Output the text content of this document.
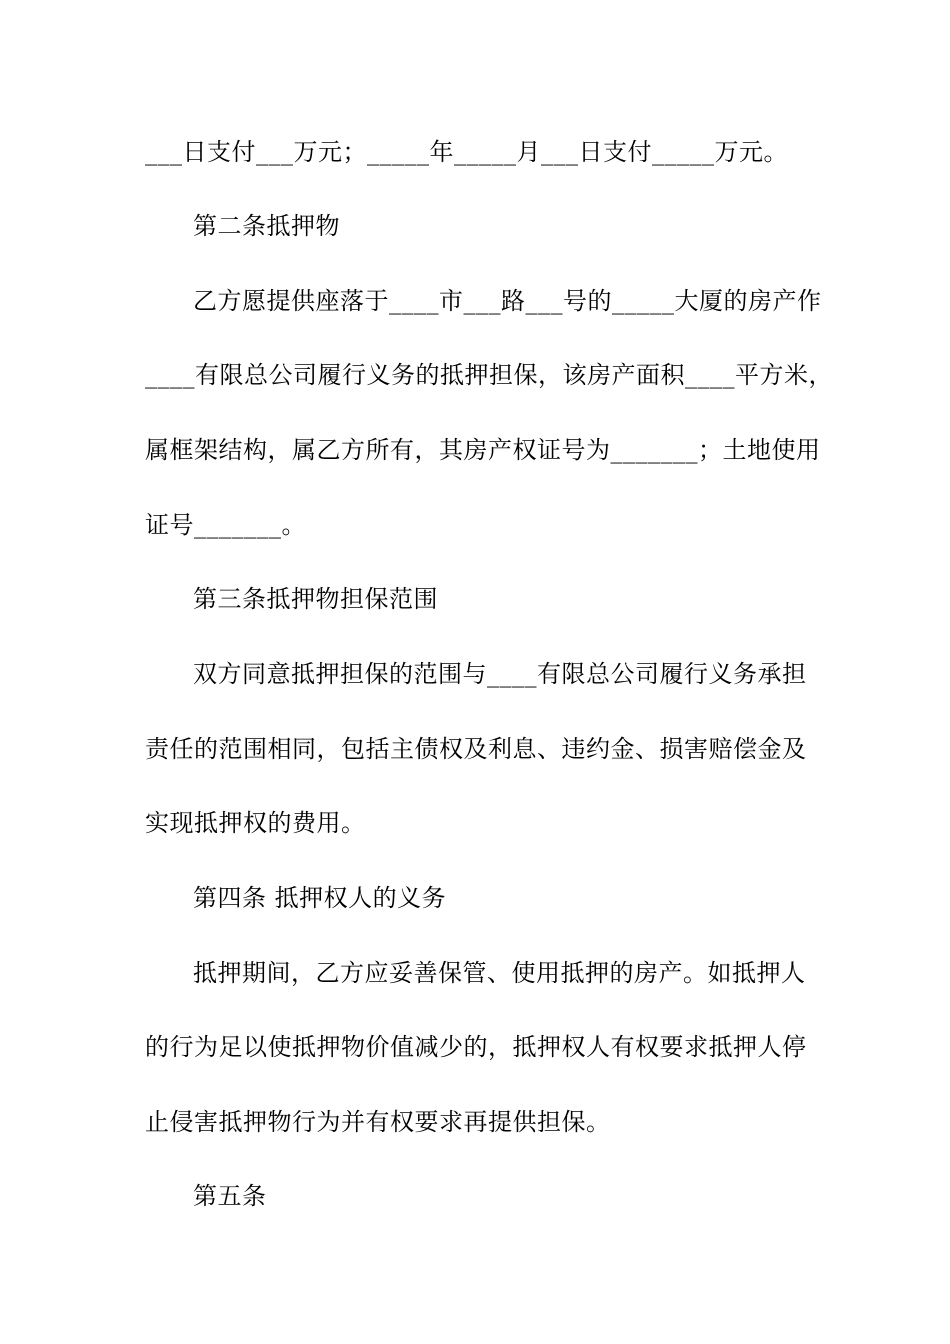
___日支付___万元；_____年_____月___日支付_____万元。
第二条抵押物
乙方愿提供座落于____市___路___号的_____大厦的房产作
____有限总公司履行义务的抵押担保，该房产面积____平方米，
属框架结构，属乙方所有，其房产权证号为_______；土地使用
证号_______。
第三条抵押物担保范围
双方同意抵押担保的范围与____有限总公司履行义务承担
责任的范围相同，包括主债权及利息、违约金、损害赔偿金及
实现抵押权的费用。
第四条 抵押权人的义务
抵押期间，乙方应妥善保管、使用抵押的房产。如抵押人
的行为足以使抵押物价值减少的，抵押权人有权要求抵押人停
止侵害抵押物行为并有权要求再提供担保。
第五条
